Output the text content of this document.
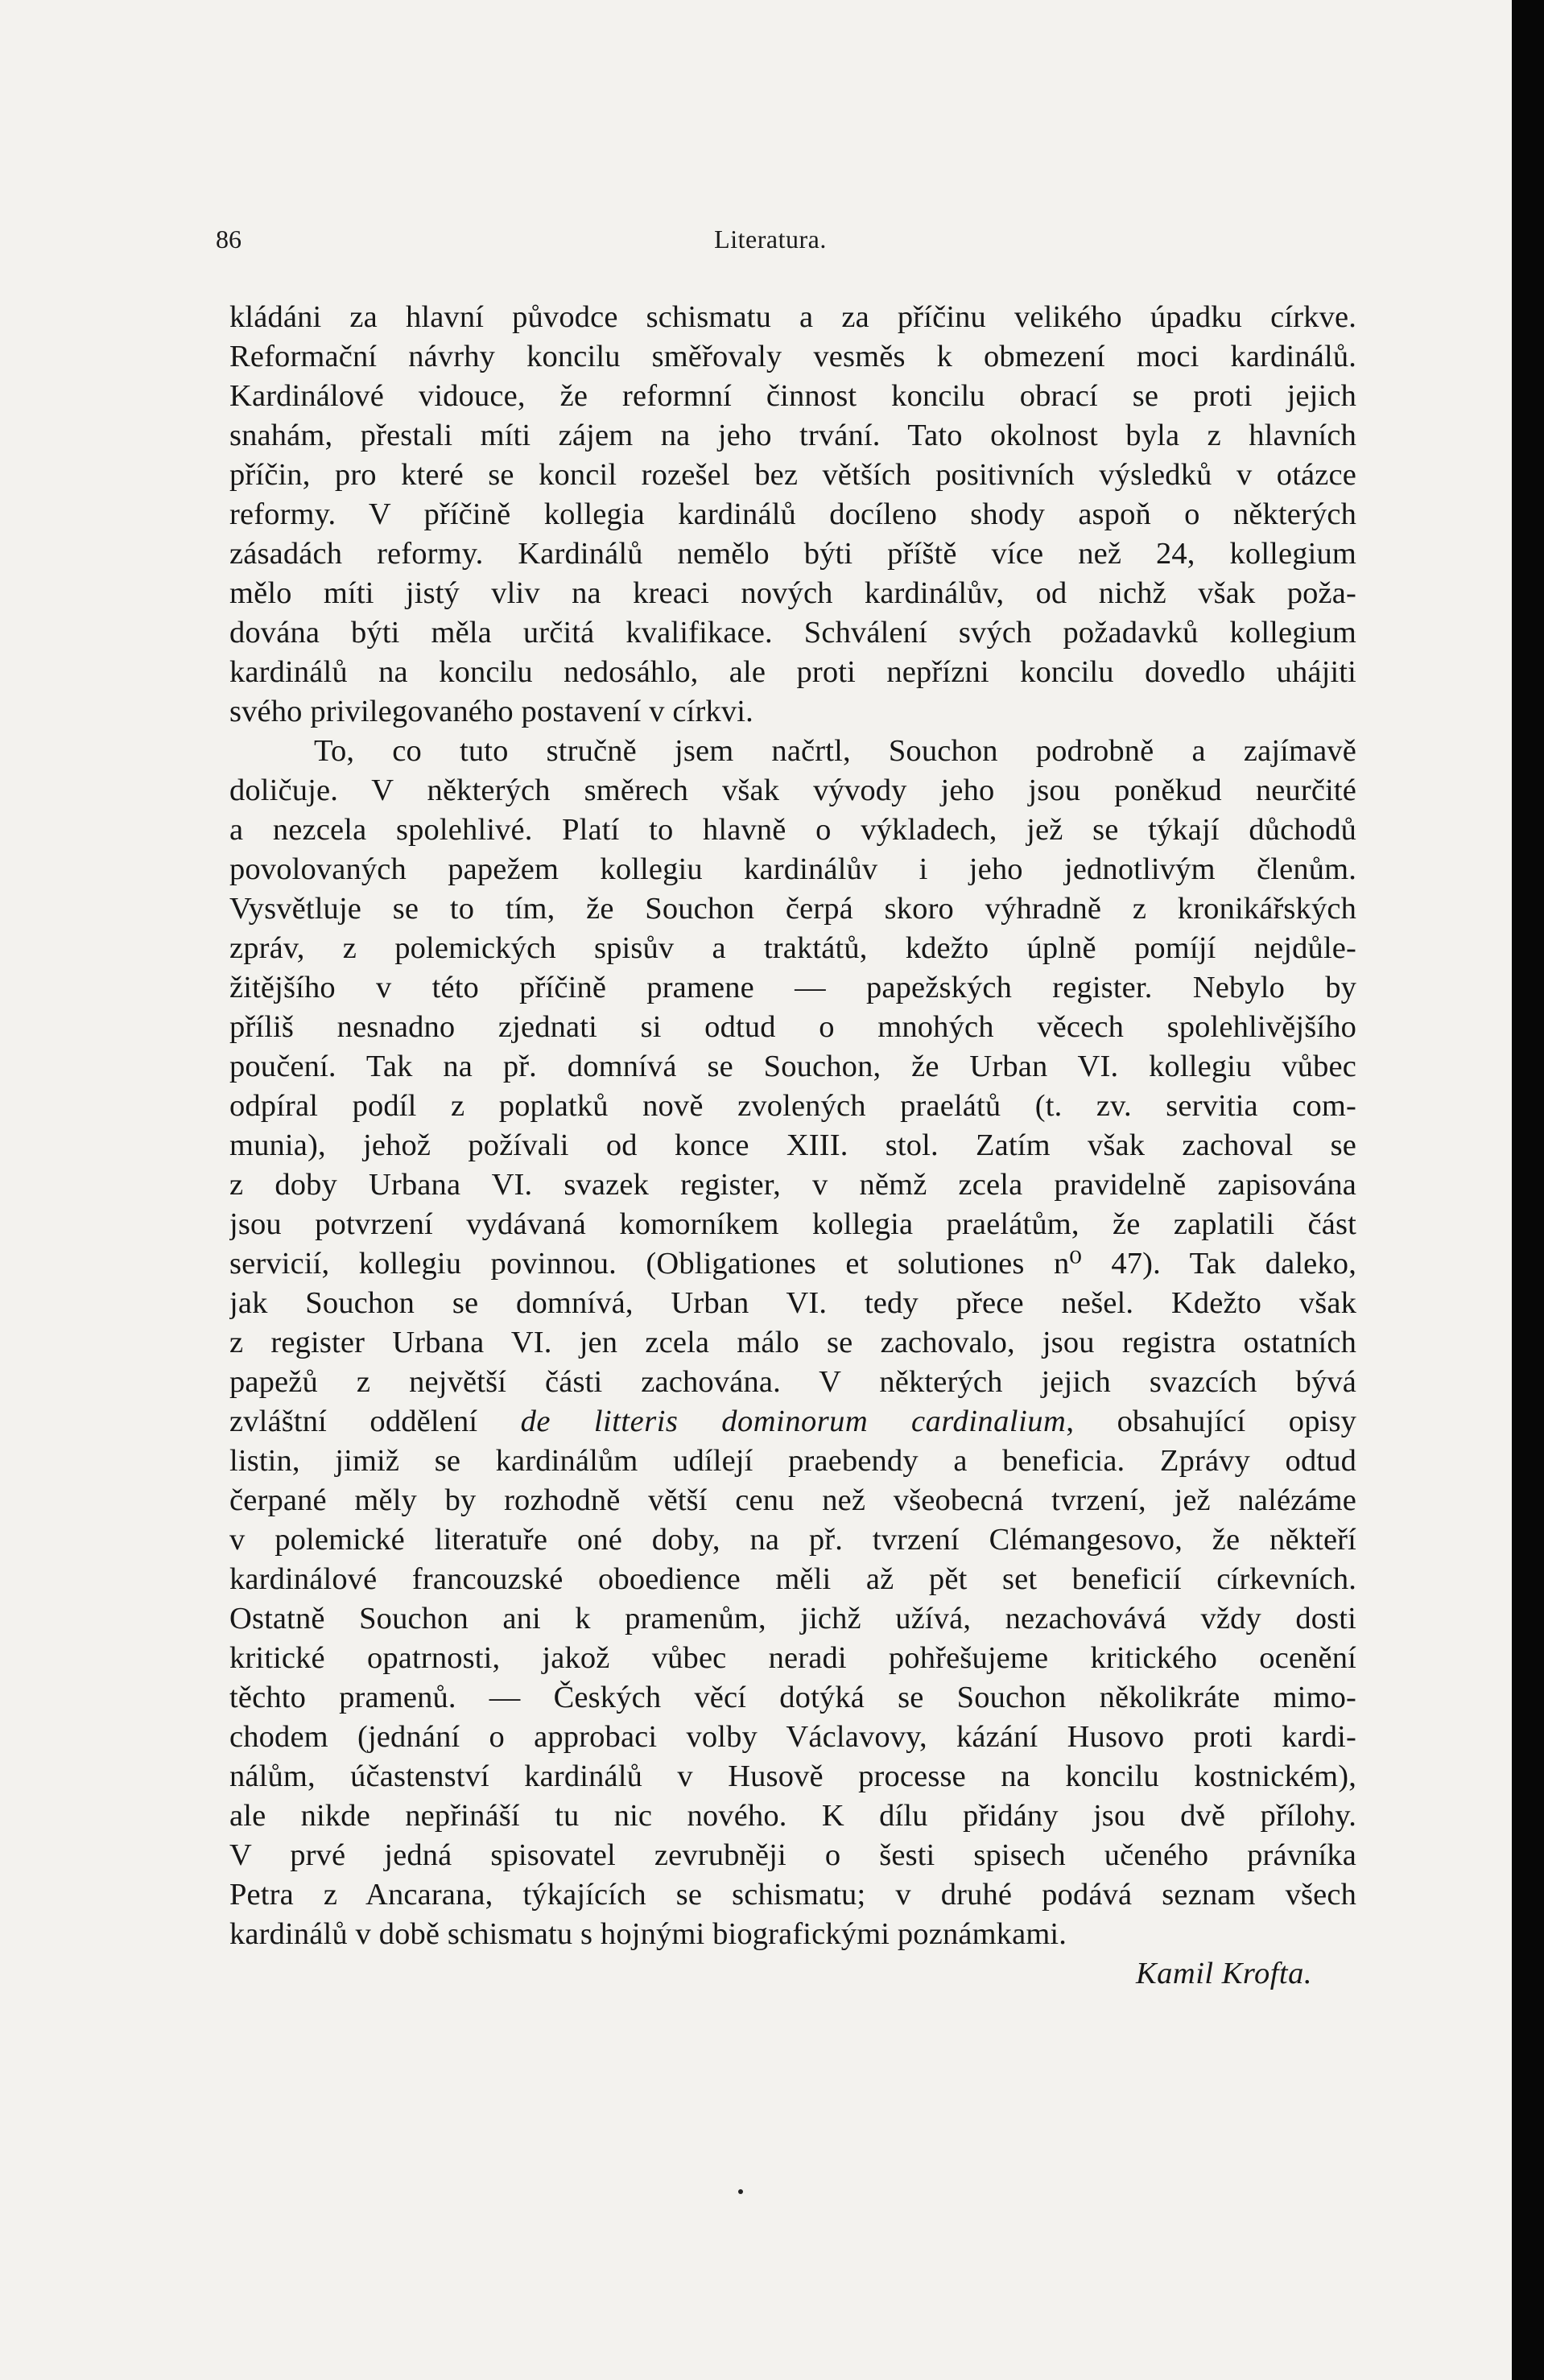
86	Literatura.
kládáni za hlavní původce schismatu a za příčinu velikého úpadku církve.
Reformační návrhy koncilu směřovaly vesměs k obmezení moci kardinálů.
Kardinálové vidouce, že reformní činnost koncilu obrací se proti jejich
snahám, přestali míti zájem na jeho trvání. Tato okolnost byla z hlavních
příčin, pro které se koncil rozešel bez větších positivních výsledků v otázce
reformy. V příčině kollegia kardinálů docíleno shody aspoň o některých
zásadách reformy. Kardinálů nemělo býti příště více než 24, kollegium
mělo míti jistý vliv na kreaci nových kardinálův, od nichž však poža-
dována býti měla určitá kvalifikace. Schválení svých požadavků kollegium
kardinálů na koncilu nedosáhlo, ale proti nepřízni koncilu dovedlo uhájiti
svého privilegovaného postavení v církvi.
To, co tuto stručně jsem načrtl, Souchon podrobně a zajímavě
doličuje. V některých směrech však vývody jeho jsou poněkud neurčité
a nezcela spolehlivé. Platí to hlavně o výkladech, jež se týkají důchodů
povolovaných papežem kollegiu kardinálův i jeho jednotlivým členům.
Vysvětluje se to tím, že Souchon čerpá skoro výhradně z kronikářských
zpráv, z polemických spisův a traktátů, kdežto úplně pomíjí nejdůle-
žitějšího v této příčině pramene — papežských register. Nebylo by
příliš nesnadno zjednati si odtud o mnohých věcech spolehlivějšího
poučení. Tak na př. domnívá se Souchon, že Urban VI. kollegiu vůbec
odpíral podíl z poplatků nově zvolených praelátů (t. zv. servitia com-
munia), jehož požívali od konce XIII. stol. Zatím však zachoval se
z doby Urbana VI. svazek register, v němž zcela pravidelně zapisována
jsou potvrzení vydávaná komorníkem kollegia praelátům, že zaplatili část
servicií, kollegiu povinnou. (Obligationes et solutiones n⁰ 47). Tak daleko,
jak Souchon se domnívá, Urban VI. tedy přece nešel. Kdežto však
z register Urbana VI. jen zcela málo se zachovalo, jsou registra ostatních
papežů z největší části zachována. V některých jejich svazcích bývá
zvláštní oddělení de litteris dominorum cardinalium, obsahující opisy
listin, jimiž se kardinálům udílejí praebendy a beneficia. Zprávy odtud
čerpané měly by rozhodně větší cenu než všeobecná tvrzení, jež nalézáme
v polemické literatuře oné doby, na př. tvrzení Clémangesovo, že někteří
kardinálové francouzské oboedience měli až pět set beneficií církevních.
Ostatně Souchon ani k pramenům, jichž užívá, nezachovává vždy dosti
kritické opatrnosti, jakož vůbec neradi pohřešujeme kritického ocenění
těchto pramenů. — Českých věcí dotýká se Souchon několikráte mimo-
chodem (jednání o approbaci volby Václavovy, kázání Husovo proti kardi-
nálům, účastenství kardinálů v Husově processe na koncilu kostnickém),
ale nikde nepřináší tu nic nového. K dílu přidány jsou dvě přílohy.
V prvé jedná spisovatel zevrubněji o šesti spisech učeného právníka
Petra z Ancarana, týkajících se schismatu; v druhé podává seznam všech
kardinálů v době schismatu s hojnými biografickými poznámkami.
Kamil Krofta.
